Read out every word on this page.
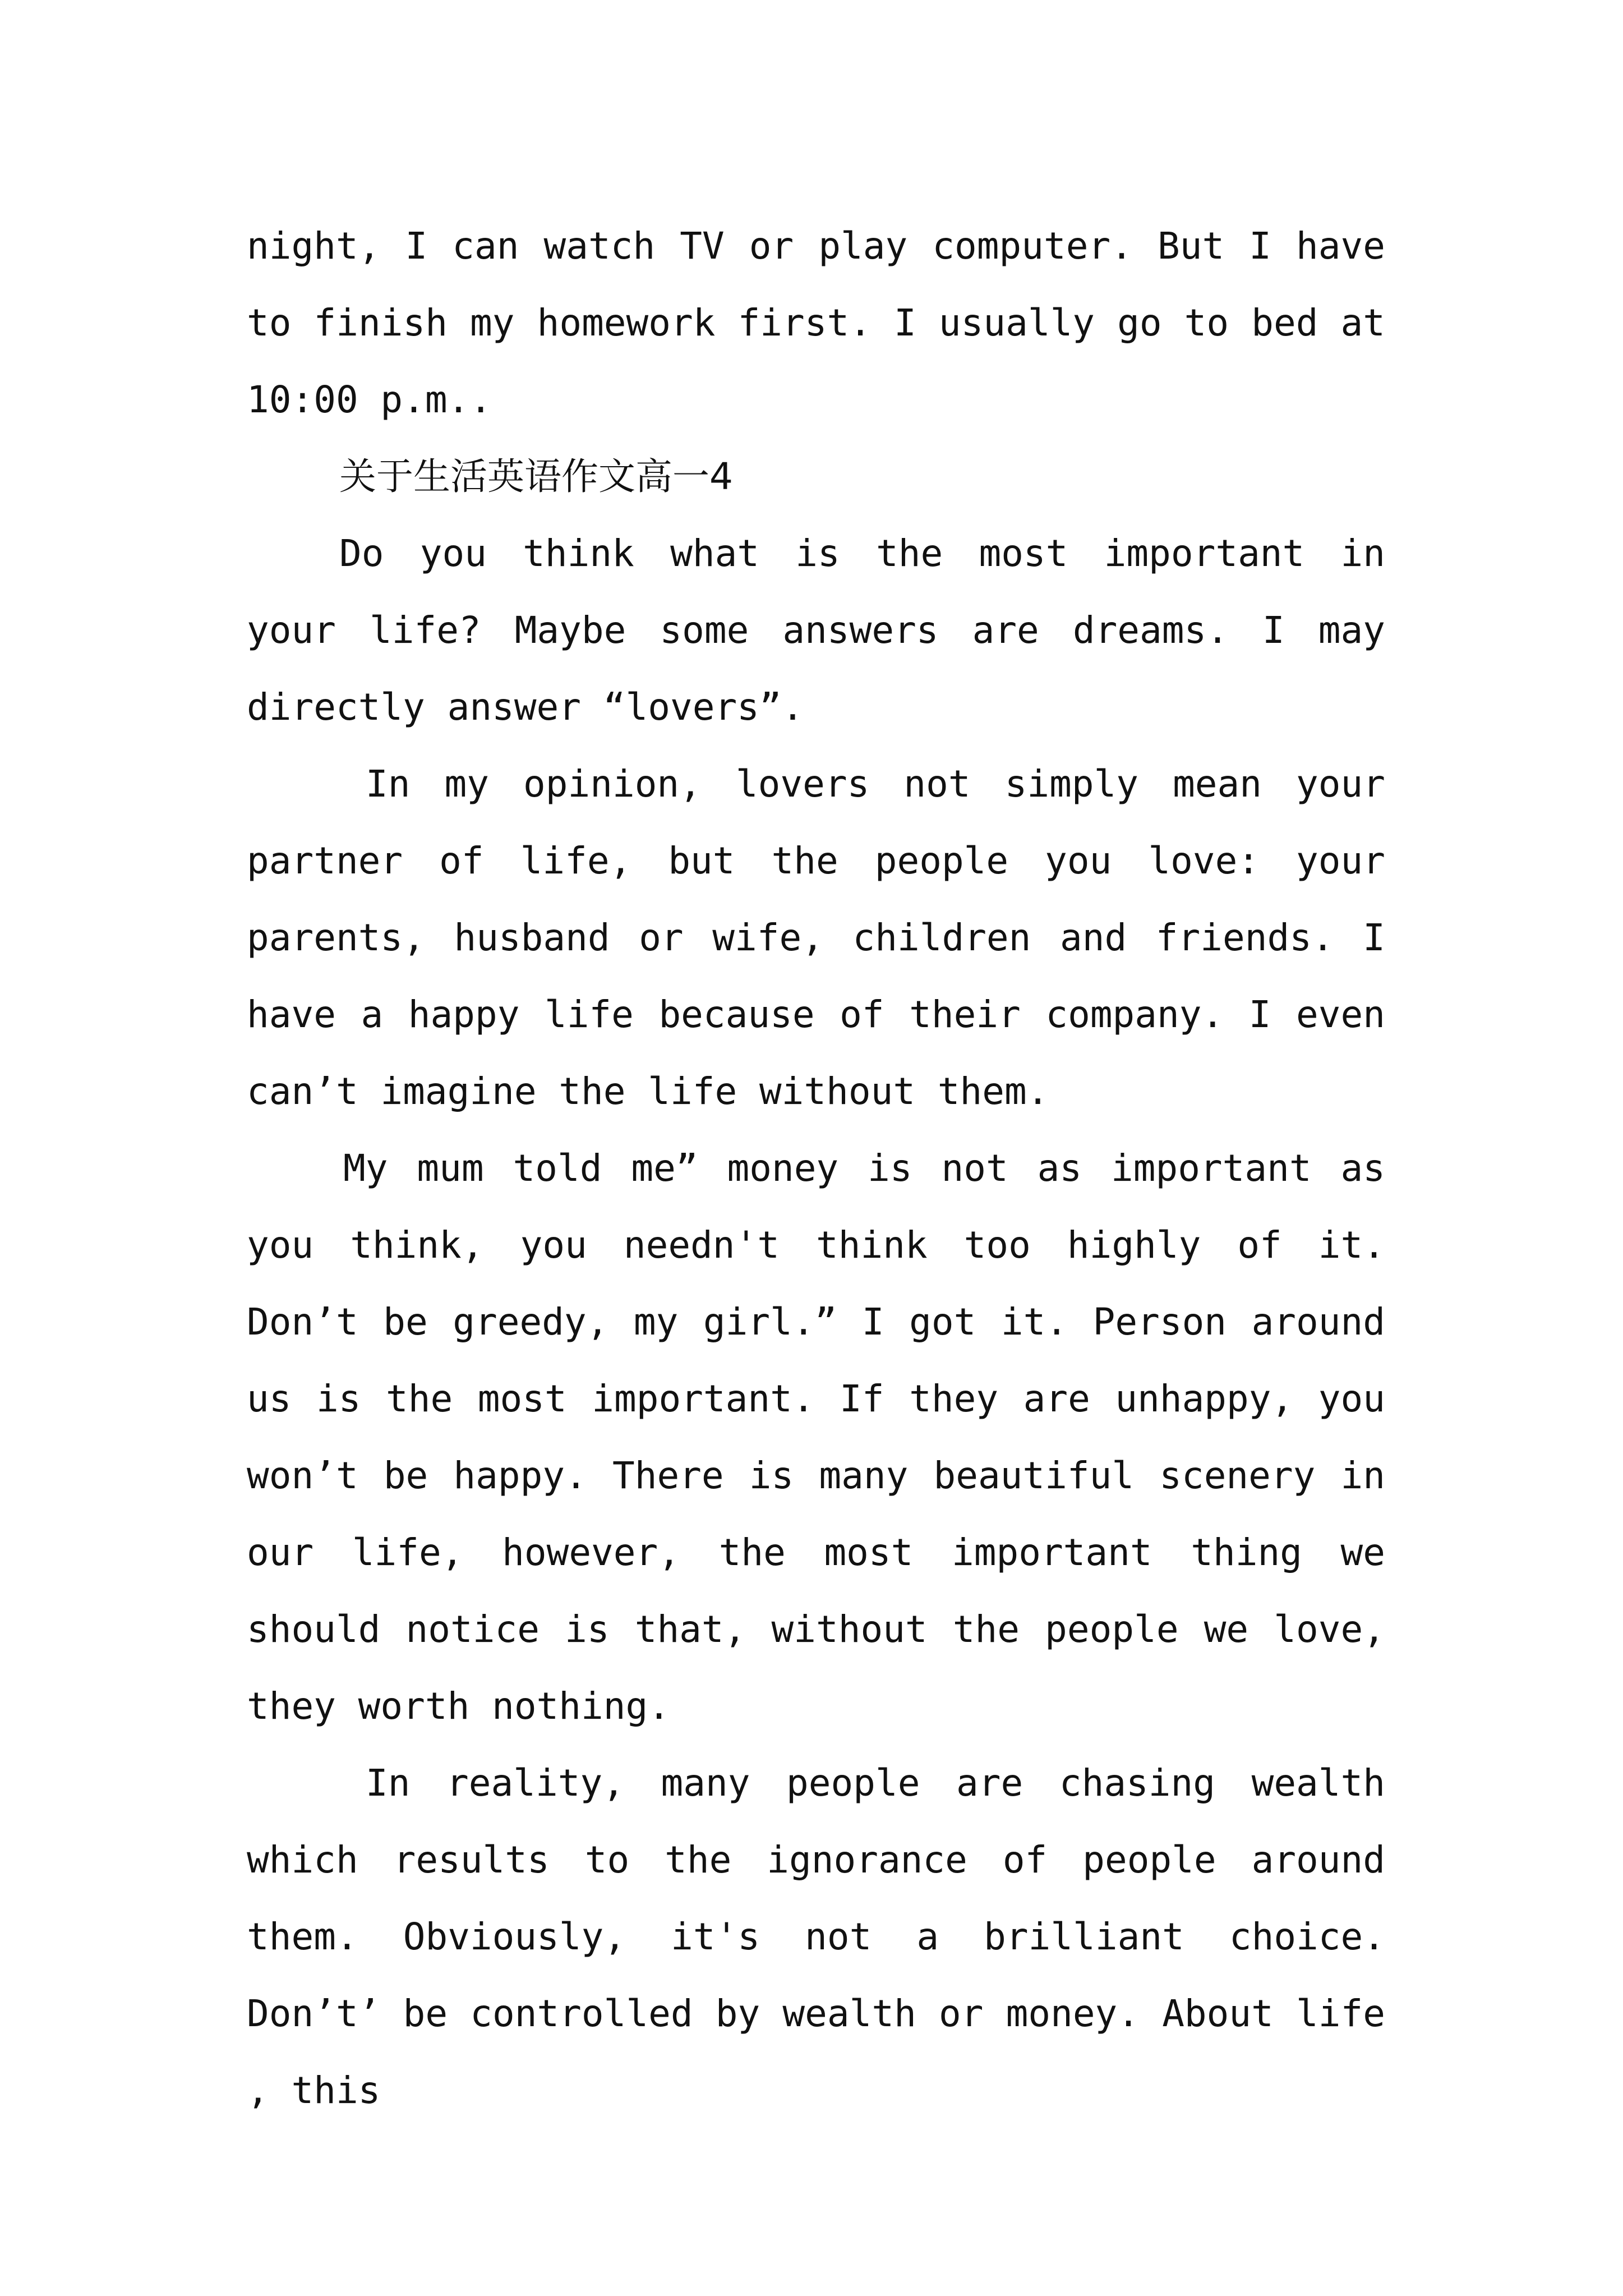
night, I can watch TV or play computer. But I have to finish my homework first. I usually go to bed at 10:00 p.m..

关于生活英语作文高一4

Do you think what is the most important in your life? Maybe some answers are dreams. I may directly answer “lovers”.

In my opinion, lovers not simply mean your partner of life, but the people you love: your parents, husband or wife, children and friends. I have a happy life because of their company. I even can’t imagine the life without them.

My mum told me” money is not as important as you think, you needn't think too highly of it. Don’t be greedy, my girl.” I got it. Person around us is the most important. If they are unhappy, you won’t be happy. There is many beautiful scenery in our life, however, the most important thing we should notice is that, without the people we love, they worth nothing.

In reality, many people are chasing wealth which results to the ignorance of people around them. Obviously, it's not a brilliant choice. Don’t’ be controlled by wealth or money. About life , this
